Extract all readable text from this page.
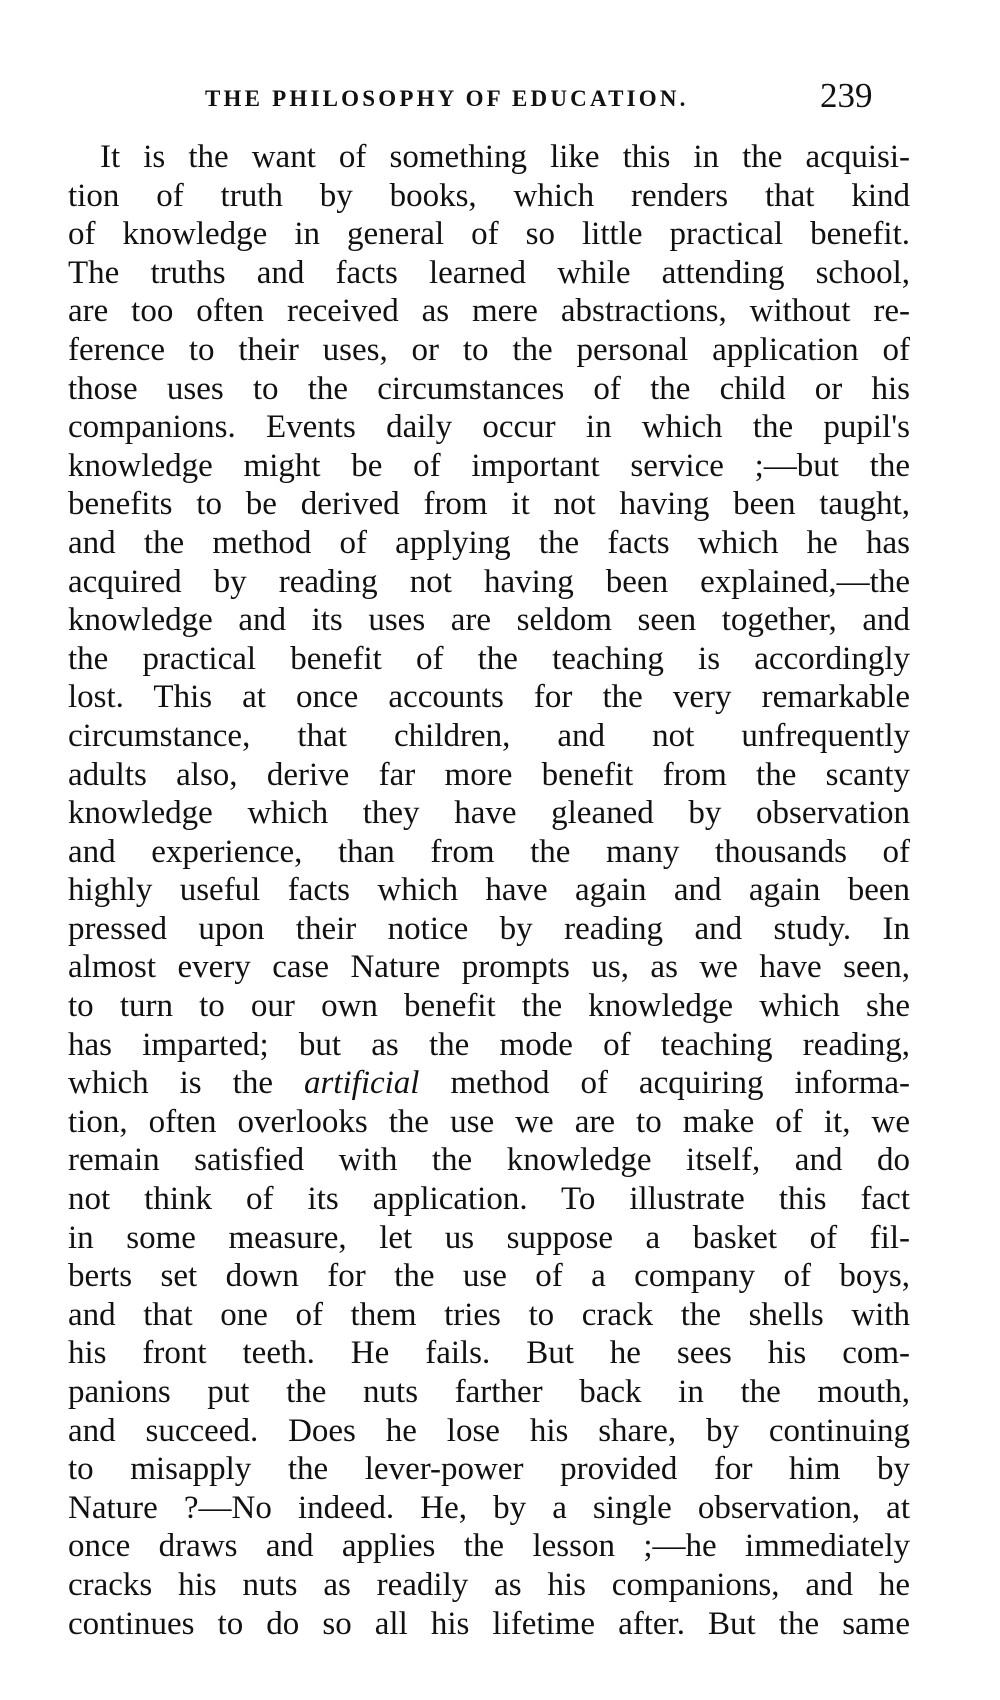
THE PHILOSOPHY OF EDUCATION.	239
It is the want of something like this in the acquisi-
tion of truth by books, which renders that kind
of knowledge in general of so little practical benefit.
The truths and facts learned while attending school,
are too often received as mere abstractions, without re-
ference to their uses, or to the personal application of
those uses to the circumstances of the child or his
companions. Events daily occur in which the pupil's
knowledge might be of important service ;—but the
benefits to be derived from it not having been taught,
and the method of applying the facts which he has
acquired by reading not having been explained,—the
knowledge and its uses are seldom seen together, and
the practical benefit of the teaching is accordingly
lost. This at once accounts for the very remarkable
circumstance, that children, and not unfrequently
adults also, derive far more benefit from the scanty
knowledge which they have gleaned by observation
and experience, than from the many thousands of
highly useful facts which have again and again been
pressed upon their notice by reading and study. In
almost every case Nature prompts us, as we have seen,
to turn to our own benefit the knowledge which she
has imparted; but as the mode of teaching reading,
which is the artificial method of acquiring informa-
tion, often overlooks the use we are to make of it, we
remain satisfied with the knowledge itself, and do
not think of its application. To illustrate this fact
in some measure, let us suppose a basket of fil-
berts set down for the use of a company of boys,
and that one of them tries to crack the shells with
his front teeth. He fails. But he sees his com-
panions put the nuts farther back in the mouth,
and succeed. Does he lose his share, by continuing
to misapply the lever-power provided for him by
Nature ?—No indeed. He, by a single observation, at
once draws and applies the lesson ;—he immediately
cracks his nuts as readily as his companions, and he
continues to do so all his lifetime after. But the same
